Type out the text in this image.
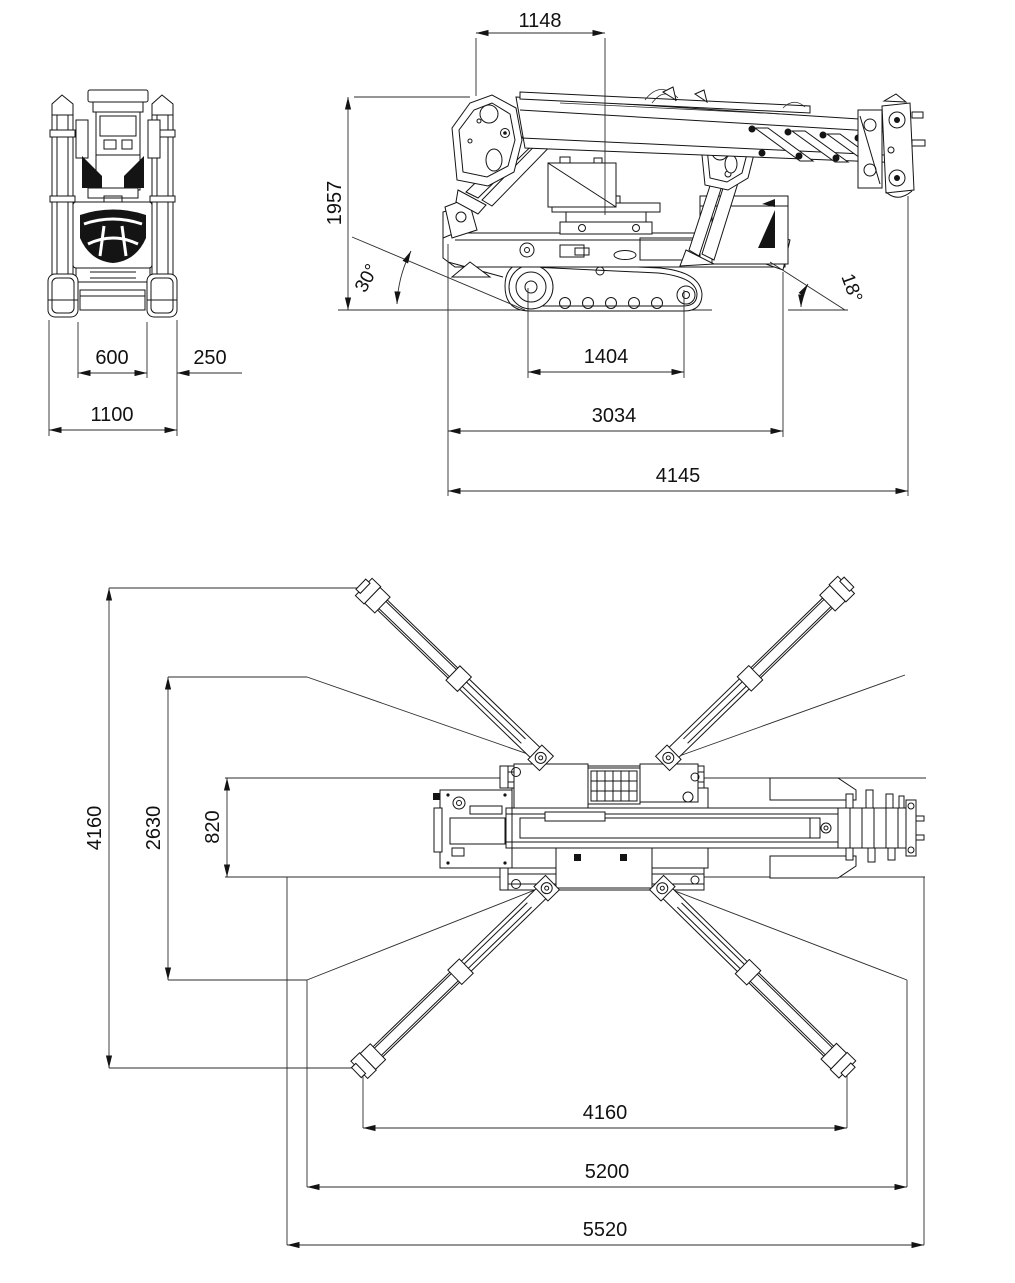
600	250
1100
30°	18°
1148
1957
1404
3034
4145
4160 2630 820
4160
5200
5520
